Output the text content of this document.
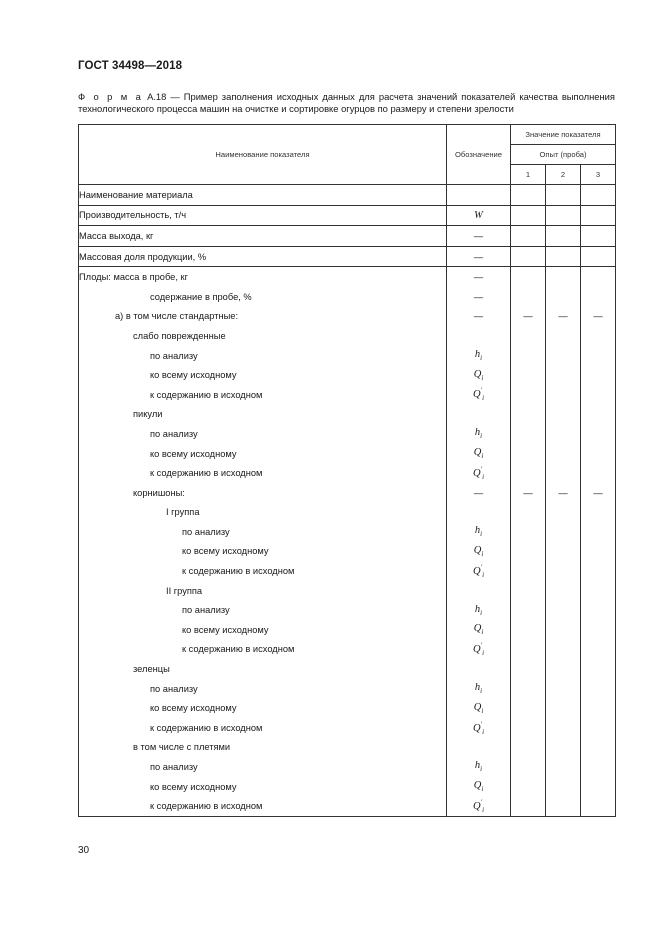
ГОСТ 34498—2018
Ф о р м а А.18 — Пример заполнения исходных данных для расчета значений показателей качества выполнения технологического процесса машин на очистке и сортировке огурцов по размеру и степени зрелости
Наименование показателя	Обозначение	Значение показателя		
		Опыт (проба)		
		1	2	3
Наименование материала				
Производительность, т/ч	W			
Масса выхода, кг	—			
Массовая доля продукции, %	—			
Плоды: масса в пробе, кг	—			
содержание в пробе, %	—			
а) в том числе стандартные:	—	—	—	—
слабо поврежденные				
по анализу	$h_i$			
ко всему исходному	$Q_i$			
к содержанию в исходном	$Q'_i$			
пикули				
по анализу	$h_i$			
ко всему исходному	$Q_i$			
к содержанию в исходном	$Q'_i$			
корнишоны:	—	—	—	—
I группа				
по анализу	$h_i$			
ко всему исходному	$Q_i$			
к содержанию в исходном	$Q'_i$			
II группа				
по анализу	$h_i$			
ко всему исходному	$Q_i$			
к содержанию в исходном	$Q'_i$			
зеленцы				
по анализу	$h_i$			
ко всему исходному	$Q_i$			
к содержанию в исходном	$Q'_i$			
в том числе с плетями				
по анализу	$h_i$			
ко всему исходному	$Q_i$			
к содержанию в исходном	$Q'_i$			
30
